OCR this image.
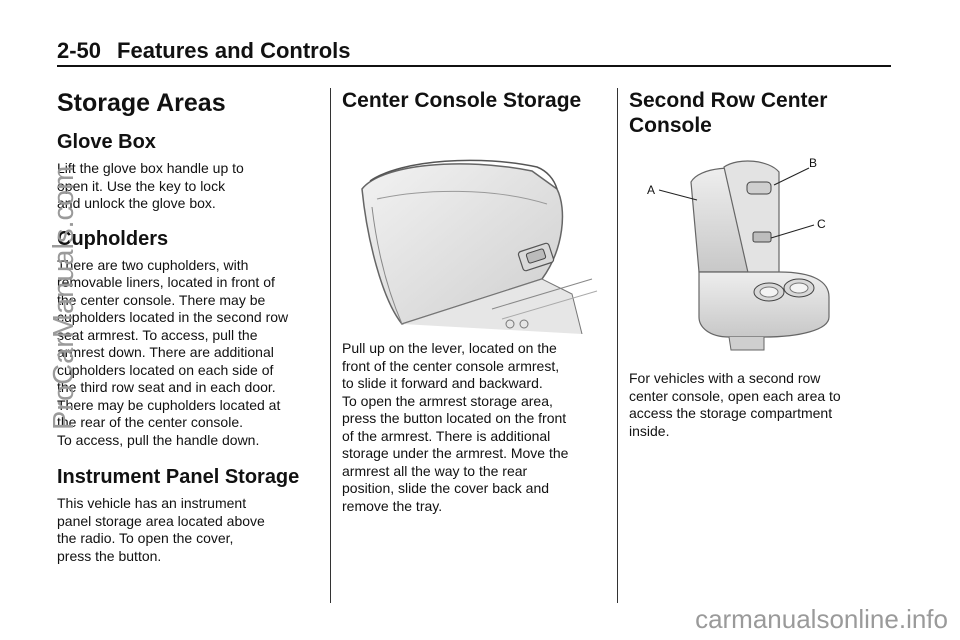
2-50 Features and Controls
Storage Areas
Glove Box
Lift the glove box handle up to
open it. Use the key to lock
and unlock the glove box.
Cupholders
There are two cupholders, with
removable liners, located in front of
the center console. There may be
cupholders located in the second row
seat armrest. To access, pull the
armrest down. There are additional
cupholders located on each side of
the third row seat and in each door.
There may be cupholders located at
the rear of the center console.
To access, pull the handle down.
Instrument Panel Storage
This vehicle has an instrument
panel storage area located above
the radio. To open the cover,
press the button.
Center Console Storage
Pull up on the lever, located on the
front of the center console armrest,
to slide it forward and backward.
To open the armrest storage area,
press the button located on the front
of the armrest. There is additional
storage under the armrest. Move the
armrest all the way to the rear
position, slide the cover back and
remove the tray.
Second Row Center
Console
A
B
C
For vehicles with a second row
center console, open each area to
access the storage compartment
inside.
ProCarManuals.com
carmanualsonline.info
